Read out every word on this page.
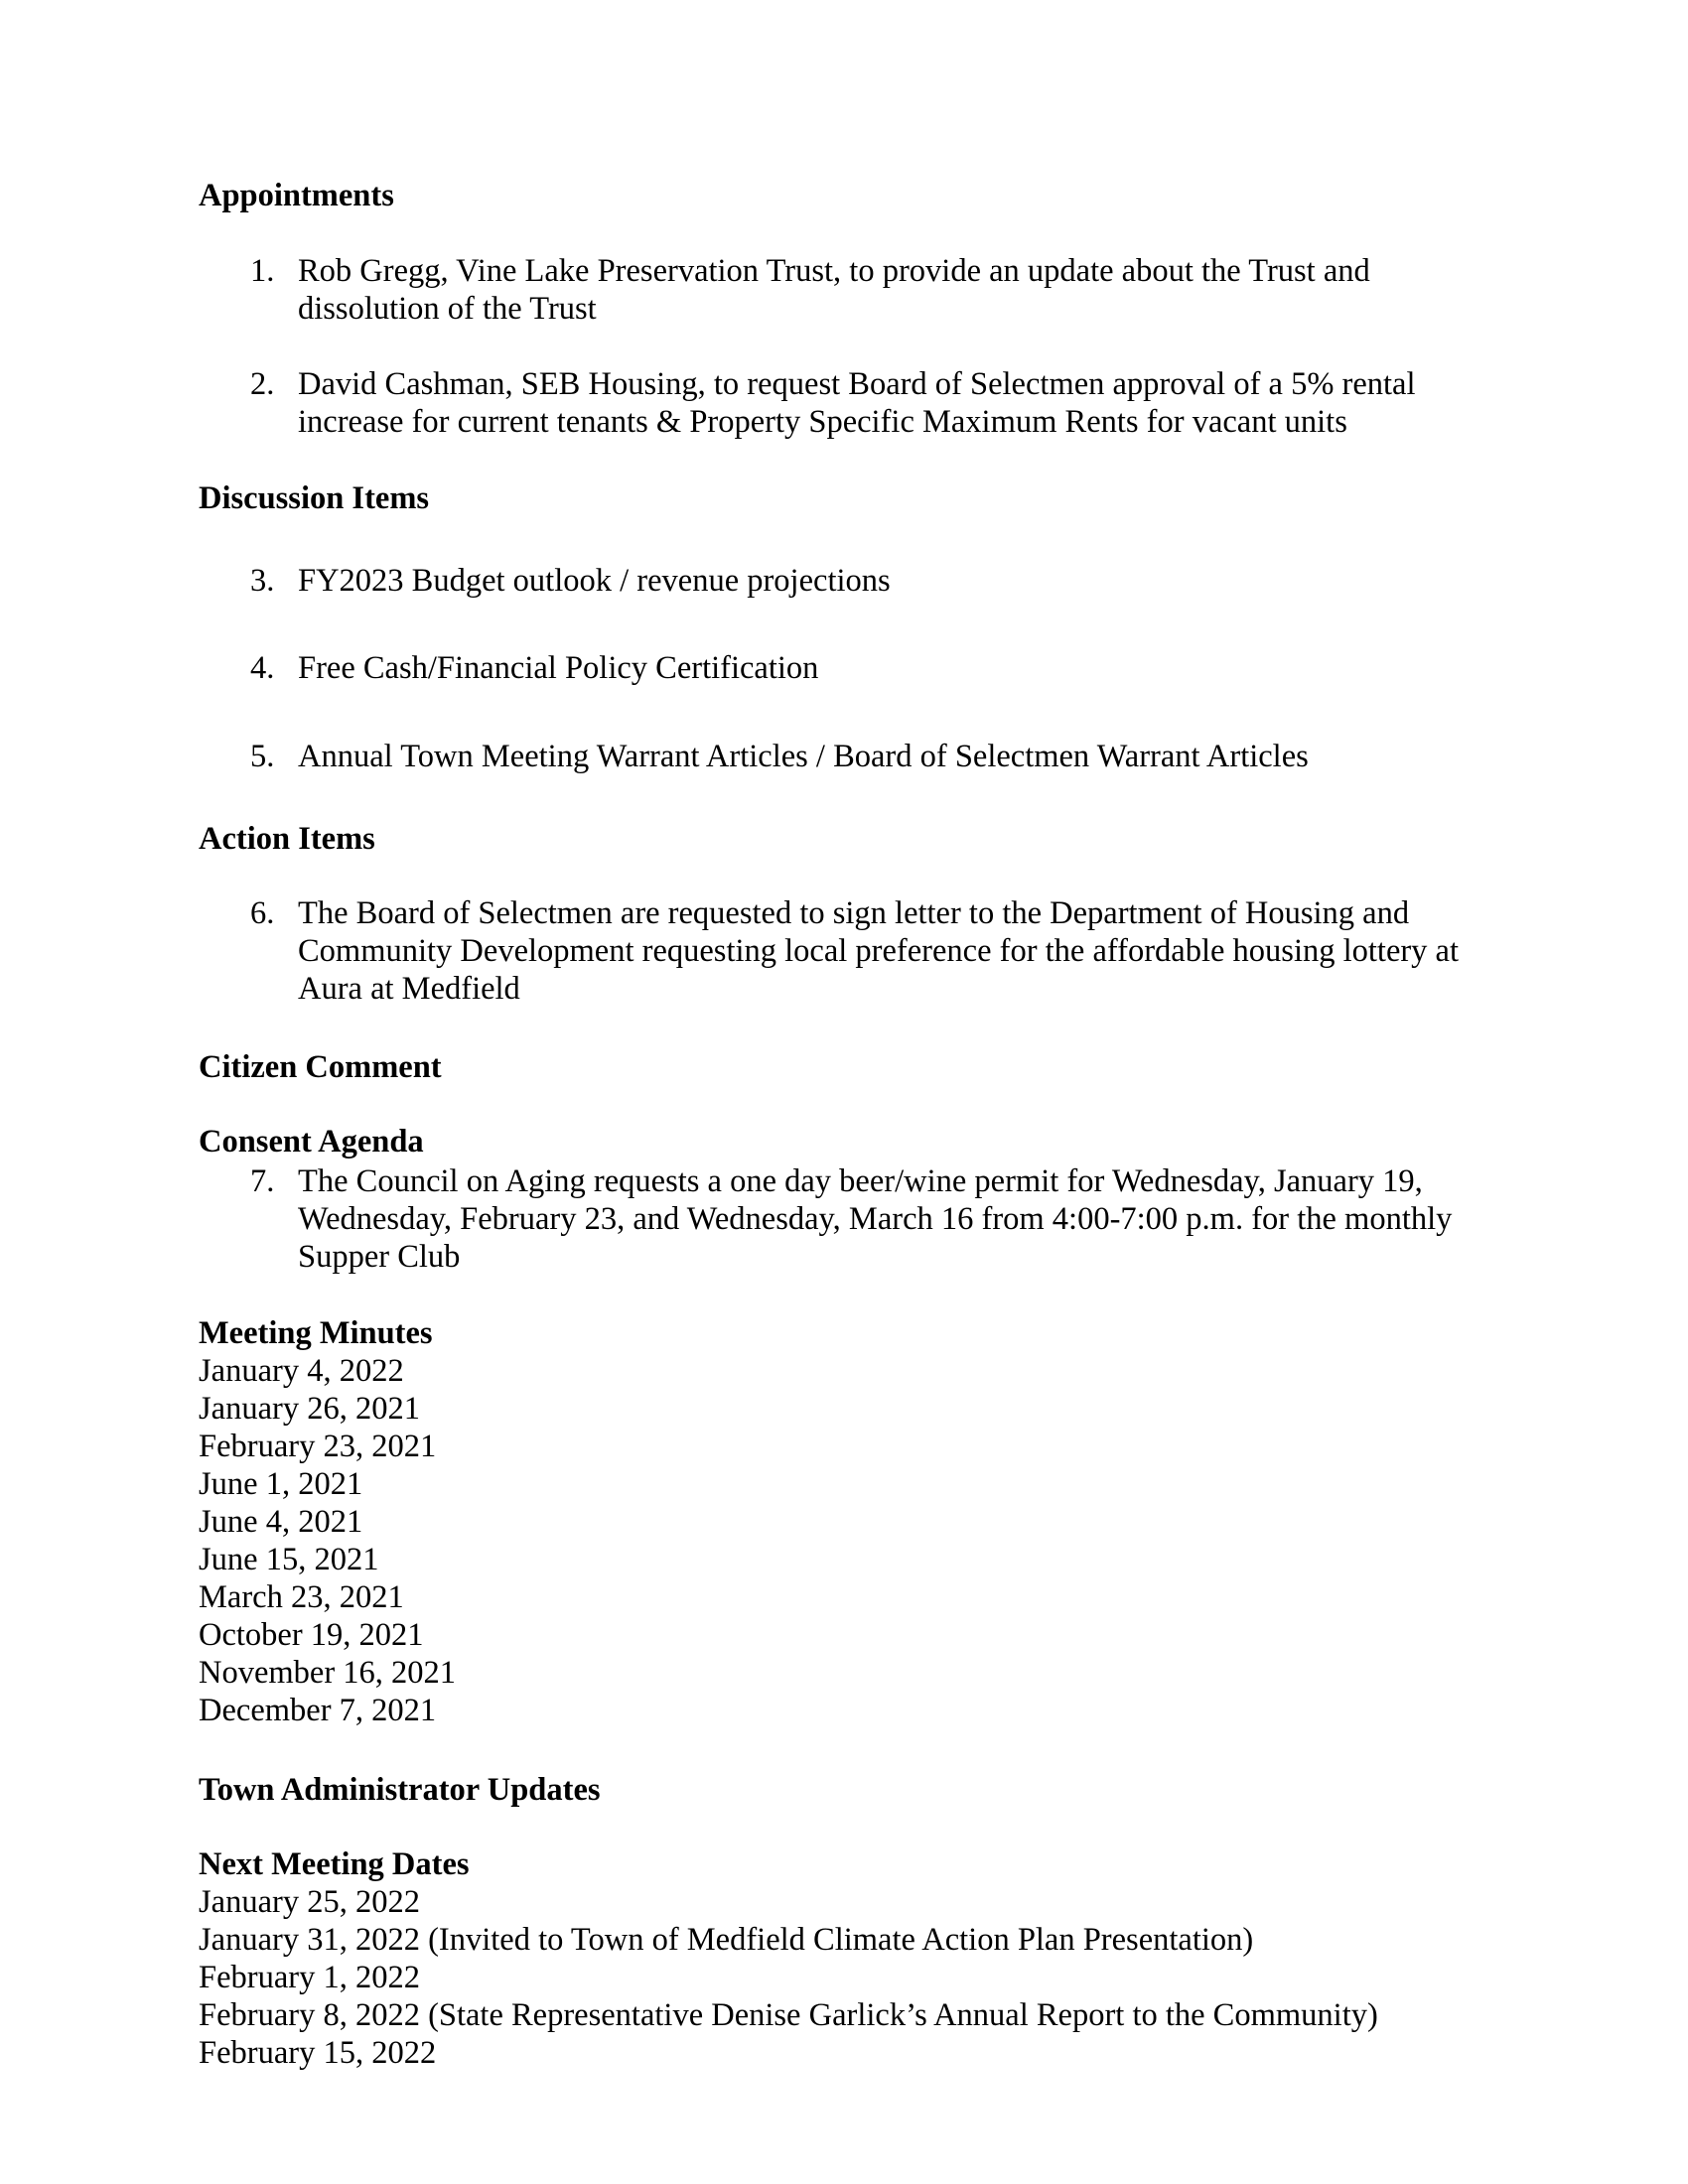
Appointments
1. Rob Gregg, Vine Lake Preservation Trust, to provide an update about the Trust and
dissolution of the Trust
2. David Cashman, SEB Housing, to request Board of Selectmen approval of a 5% rental
increase for current tenants & Property Specific Maximum Rents for vacant units
Discussion Items
3. FY2023 Budget outlook / revenue projections
4. Free Cash/Financial Policy Certification
5. Annual Town Meeting Warrant Articles / Board of Selectmen Warrant Articles
Action Items
6. The Board of Selectmen are requested to sign letter to the Department of Housing and
Community Development requesting local preference for the affordable housing lottery at
Aura at Medfield
Citizen Comment
Consent Agenda
7. The Council on Aging requests a one day beer/wine permit for Wednesday, January 19,
Wednesday, February 23, and Wednesday, March 16 from 4:00-7:00 p.m. for the monthly
Supper Club
Meeting Minutes
January 4, 2022
January 26, 2021
February 23, 2021
June 1, 2021
June 4, 2021
June 15, 2021
March 23, 2021
October 19, 2021
November 16, 2021
December 7, 2021
Town Administrator Updates
Next Meeting Dates
January 25, 2022
January 31, 2022 (Invited to Town of Medfield Climate Action Plan Presentation)
February 1, 2022
February 8, 2022 (State Representative Denise Garlick’s Annual Report to the Community)
February 15, 2022
